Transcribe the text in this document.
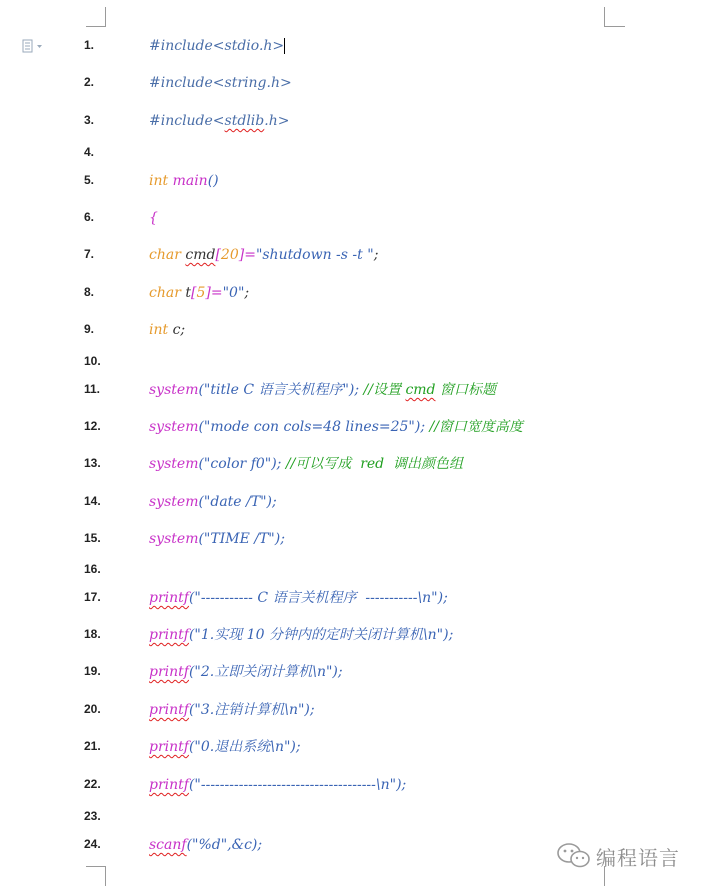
1.	#include<stdio.h>
2.	#include<string.h>
3.	#include<stdlib.h>
4.
5.	int main()
6.	{
7.	char cmd[20]="shutdown -s -t ";
8.	char t[5]="0";
9.	int c;
10.
11.	system("title C 语言关机程序"); //设置 cmd 窗口标题
12.	system("mode con cols=48 lines=25"); //窗口宽度高度
13.	system("color f0"); //可以写成  red  调出颜色组
14.	system("date /T");
15.	system("TIME /T");
16.
17.	printf("----------- C 语言关机程序  -----------\n");
18.	printf("1.实现 10 分钟内的定时关闭计算机\n");
19.	printf("2.立即关闭计算机\n");
20.	printf("3.注销计算机\n");
21.	printf("0.退出系统\n");
22.	printf("-------------------------------------\n");
23.
24.	scanf("%d",&c);
编程语言
